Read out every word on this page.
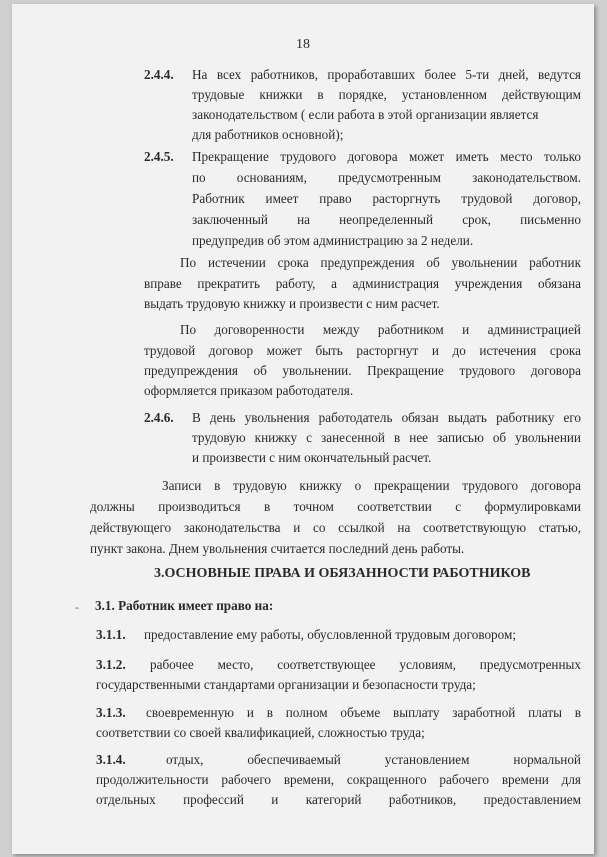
18
2.4.4. На всех работников, проработавших более 5-ти дней, ведутся
трудовые книжки в порядке, установленном действующим
законодательством ( если работа в этой организации является
для работников основной);
2.4.5. Прекращение трудового договора может иметь место только
по основаниям, предусмотренным законодательством.
Работник имеет право расторгнуть трудовой договор,
заключенный на неопределенный срок, письменно
предупредив об этом администрацию за 2 недели.
По истечении срока предупреждения об увольнении работник
вправе прекратить работу, а администрация учреждения обязана
выдать трудовую книжку и произвести с ним расчет.
По договоренности между работником и администрацией
трудовой договор может быть расторгнут и до истечения срока
предупреждения об увольнении. Прекращение трудового договора
оформляется приказом работодателя.
2.4.6. В день увольнения работодатель обязан выдать работнику его
трудовую книжку с занесенной в нее записью об увольнении
и произвести с ним окончательный расчет.
Записи в трудовую книжку о прекращении трудового договора
должны производиться в точном соответствии с формулировками
действующего законодательства и со ссылкой на соответствующую статью,
пункт закона. Днем увольнения считается последний день работы.
3.ОСНОВНЫЕ ПРАВА И ОБЯЗАННОСТИ РАБОТНИКОВ
- 3.1. Работник имеет право на:
3.1.1. предоставление ему работы, обусловленной трудовым договором;
3.1.2. рабочее место, соответствующее условиям, предусмотренных
государственными стандартами организации и безопасности труда;
3.1.3. своевременную и в полном объеме выплату заработной платы в
соответствии со своей квалификацией, сложностью труда;
3.1.4.	отдых, обеспечиваемый установлением нормальной
продолжительности рабочего времени, сокращенного рабочего времени для
отдельных профессий и категорий работников, предоставлением
